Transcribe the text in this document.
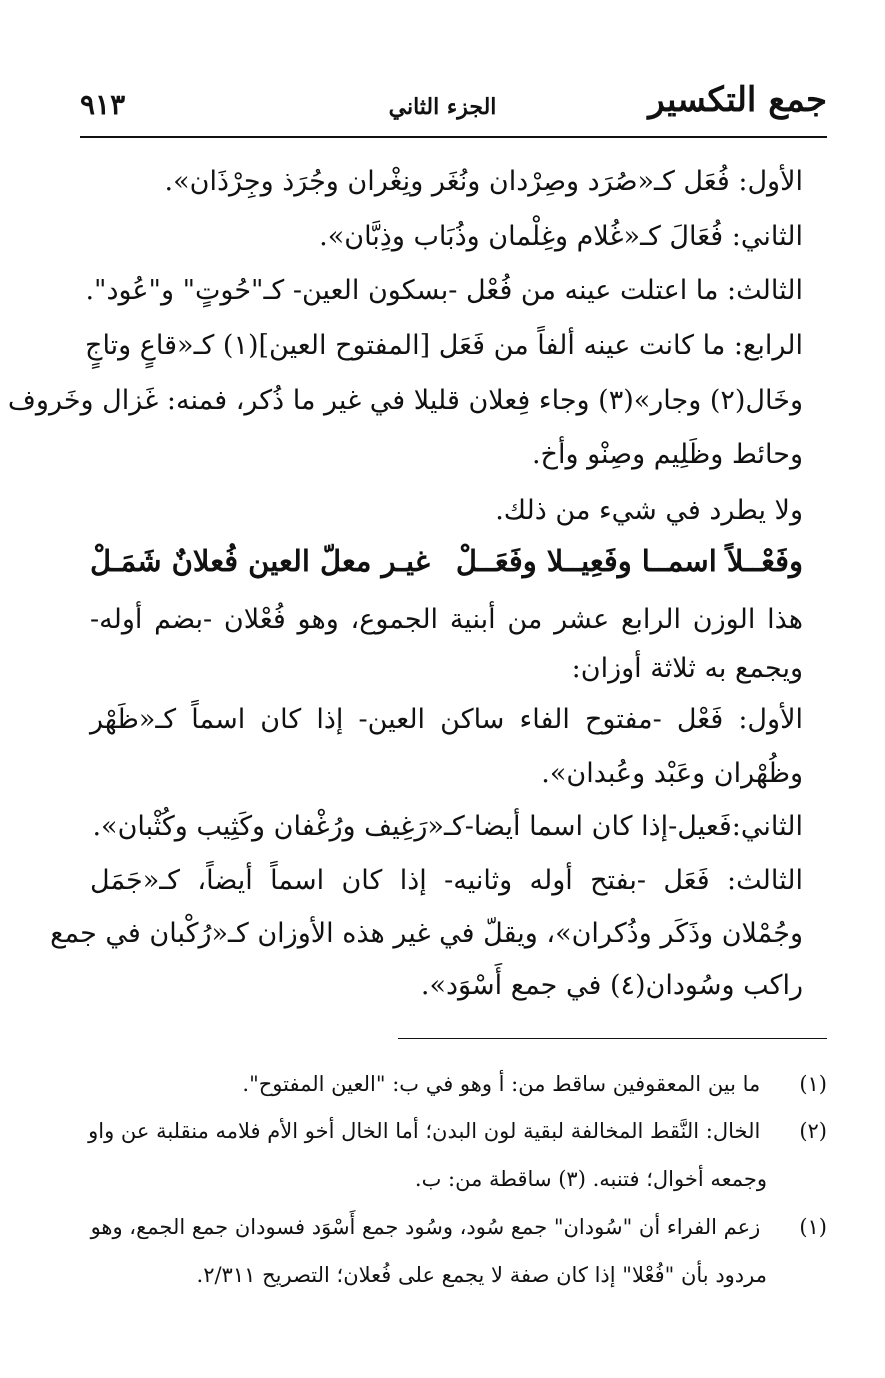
جمع التكسير
الجزء الثاني
٩١٣
الأول: فُعَل كـ«صُرَد وصِرْدان ونُغَر ونِغْران وجُرَذ وجِرْذَان».
الثاني: فُعَالَ كـ«غُلام وغِلْمان وذُبَاب وذِبَّان».
الثالث: ما اعتلت عينه من فُعْل -بسكون العين- كـ"حُوتٍ" و"عُود".
الرابع: ما كانت عينه ألفاً من فَعَل [المفتوح العين](١) كـ«قاعٍ وتاجٍ
وخَال(٢) وجار»(٣) وجاء فِعلان قليلا في غير ما ذُكر، فمنه: غَزال وخَروف
وحائط وظَلِيم وصِنْو وأخ.
ولا يطرد في شيء من ذلك.
وفَعْــلاً اسمــا وفَعِيــلا وفَعَــلْ
غيـر معلّ العين فُعلانٌ شَمَـلْ
هذا الوزن الرابع عشر من أبنية الجموع، وهو فُعْلان -بضم أوله-
ويجمع به ثلاثة أوزان:
الأول: فَعْل -مفتوح الفاء ساكن العين- إذا كان اسماً كـ«ظَهْر
وظُهْران وعَبْد وعُبدان».
الثاني:فَعيل-إذا كان اسما أيضا-كـ«رَغِيف ورُغْفان وكَثِيب وكُثْبان».
الثالث: فَعَل -بفتح أوله وثانيه- إذا كان اسماً أيضاً، كـ«جَمَل
وجُمْلان وذَكَر وذُكران»، ويقلّ في غير هذه الأوزان كـ«رُكْبان في جمع
راكب وسُودان(٤) في جمع أَسْوَد».
(١) ما بين المعقوفين ساقط من: أ وهو في ب: "العين المفتوح".
(٢) الخال: النَّقط المخالفة لبقية لون البدن؛ أما الخال أخو الأم فلامه منقلبة عن واو
وجمعه أخوال؛ فتنبه. (٣) ساقطة من: ب.
(١) زعم الفراء أن "سُودان" جمع سُود، وسُود جمع أَسْوَد فسودان جمع الجمع، وهو
مردود بأن "فُعْلا" إذا كان صفة لا يجمع على فُعلان؛ التصريح ٢/٣١١.
